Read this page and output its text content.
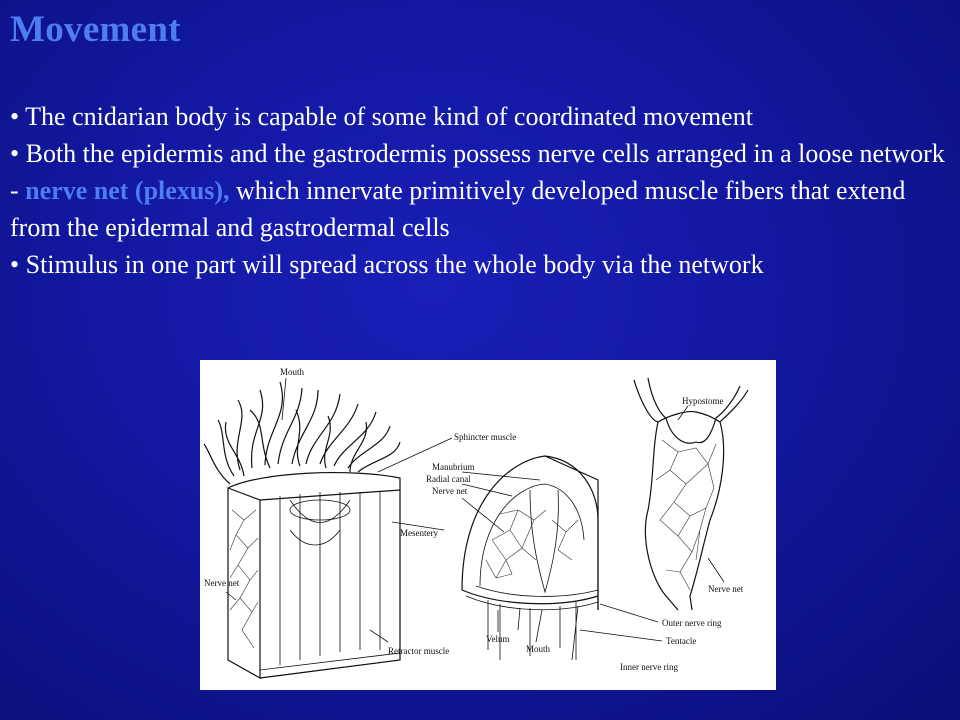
Movement

• The cnidarian body is capable of some kind of coordinated movement

• Both the epidermis and the gastrodermis possess nerve cells arranged in a loose network - nerve net (plexus), which innervate primitively developed muscle fibers that extend from the epidermal and gastrodermal cells

• Stimulus in one part will spread across the whole body via the network

Mouth
Sphincter muscle
Mesentery
Nerve net
Retractor muscle
Manubrium
Radial canal
Nerve net
Velum
Mouth
Outer nerve ring
Tentacle
Inner nerve ring
Hypostome
Nerve net
